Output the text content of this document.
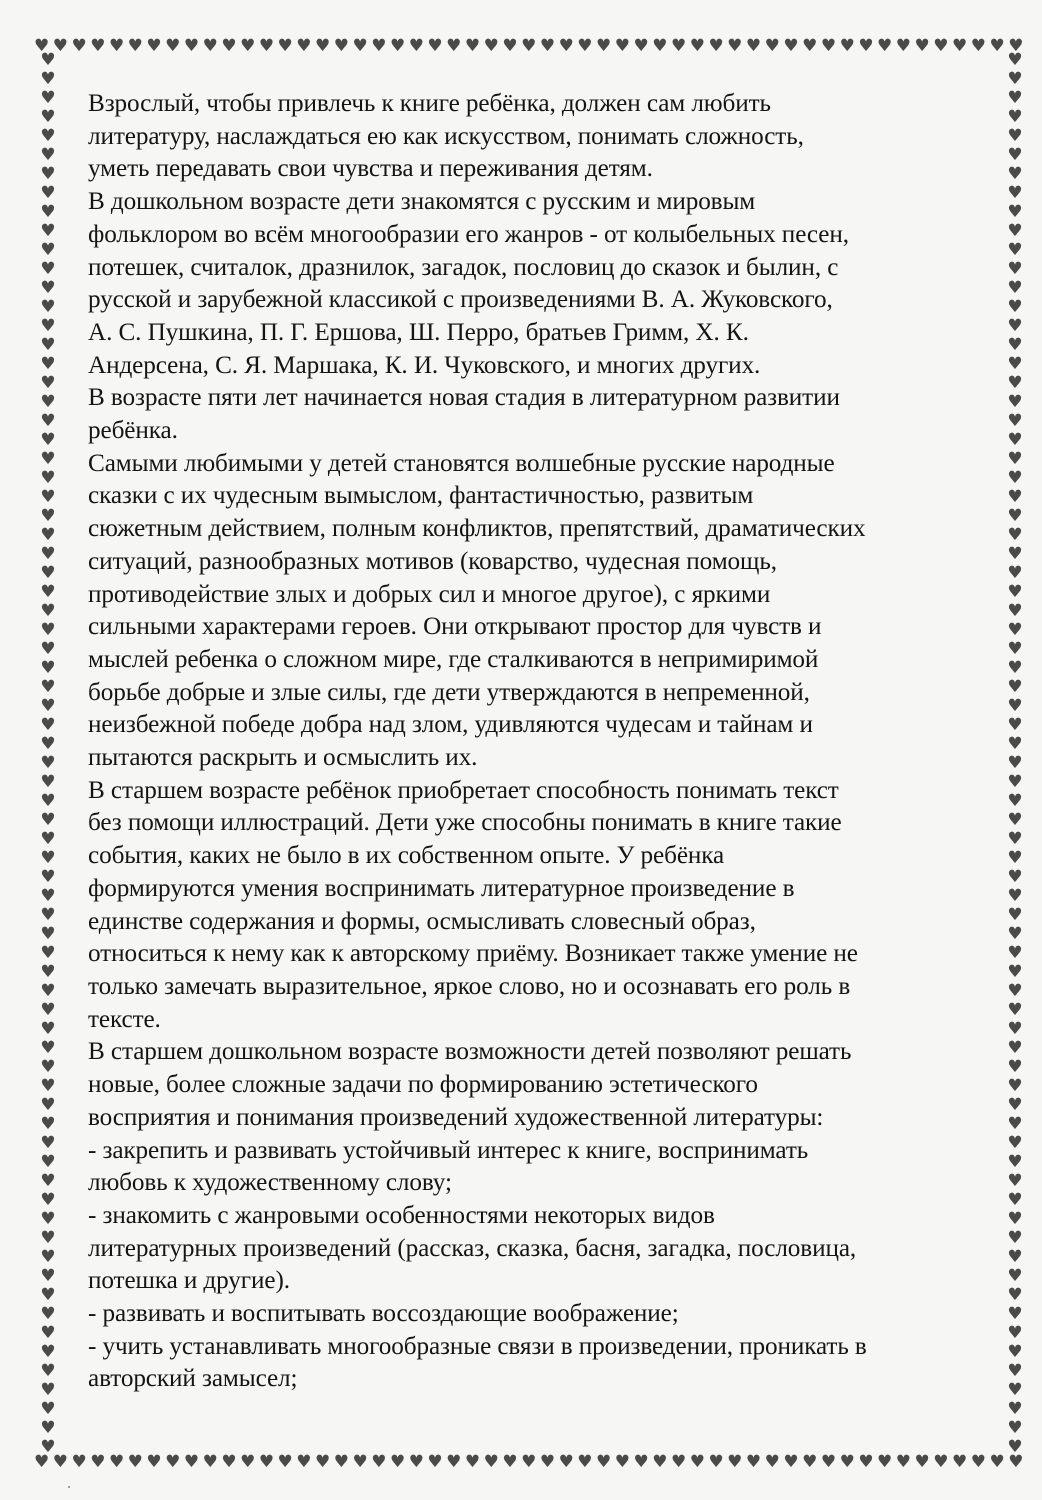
♥ ♥ ♥ ♥ ♥ ♥ ♥ ♥ ♥ ♥ ♥ ♥ ♥ ♥ ♥ ♥ ♥ ♥ ♥ ♥ ♥ ♥ ♥ ♥ ♥ ♥ ♥ ♥ ♥ ♥ ♥ ♥ ♥ ♥ ♥ ♥ ♥ ♥ ♥ ♥ ♥ ♥ ♥ ♥ ♥ ♥ ♥ ♥ ♥ ♥ ♥ ♥ ♥
♥ ♥ ♥ ♥ ♥ ♥ ♥ ♥ ♥ ♥ ♥ ♥ ♥ ♥ ♥ ♥ ♥ ♥ ♥ ♥ ♥ ♥ ♥ ♥ ♥ ♥ ♥ ♥ ♥ ♥ ♥ ♥ ♥ ♥ ♥ ♥ ♥ ♥ ♥ ♥ ♥ ♥ ♥ ♥ ♥ ♥ ♥ ♥ ♥ ♥ ♥ ♥ ♥
♥
♥
♥
♥
♥
♥
♥
♥
♥
♥
♥
♥
♥
♥
♥
♥
♥
♥
♥
♥
♥
♥
♥
♥
♥
♥
♥
♥
♥
♥
♥
♥
♥
♥
♥
♥
♥
♥
♥
♥
♥
♥
♥
♥
♥
♥
♥
♥
♥
♥
♥
♥
♥
♥
♥
♥
♥
♥
♥
♥
♥
♥
♥
♥
♥
♥
♥
♥
♥
♥
♥
♥
♥
♥
♥
♥
♥
♥
♥
♥
♥
♥
♥
♥
♥
♥
♥
♥
♥
♥
♥
♥
♥
♥
♥
♥
♥
♥
♥
♥
♥
♥
♥
♥
♥
♥
♥
♥
♥
♥
♥
♥
♥
♥
♥
♥
♥
♥
♥
♥
♥
♥
♥
♥
♥
♥
♥
♥
♥
♥
♥
♥
♥
♥
♥
♥
♥
♥
♥
♥
♥
♥
♥
♥
♥
♥
♥
♥
Взрослый, чтобы привлечь к книге ребёнка, должен сам любить
литературу, наслаждаться ею как искусством, понимать сложность,
уметь передавать свои чувства и переживания детям.
В дошкольном возрасте дети знакомятся с русским и мировым
фольклором во всём многообразии его жанров - от колыбельных песен,
потешек, считалок, дразнилок, загадок, пословиц до сказок и былин, с
русской и зарубежной классикой с произведениями В. А. Жуковского,
А. С. Пушкина, П. Г. Ершова, Ш. Перро, братьев Гримм, Х. К.
Андерсена, С. Я. Маршака, К. И. Чуковского, и многих других.
В возрасте пяти лет начинается новая стадия в литературном развитии
ребёнка.
Самыми любимыми у детей становятся волшебные русские народные
сказки с их чудесным вымыслом, фантастичностью, развитым
сюжетным действием, полным конфликтов, препятствий, драматических
ситуаций, разнообразных мотивов (коварство, чудесная помощь,
противодействие злых и добрых сил и многое другое), с яркими
сильными характерами героев. Они открывают простор для чувств и
мыслей ребенка о сложном мире, где сталкиваются в непримиримой
борьбе добрые и злые силы, где дети утверждаются в непременной,
неизбежной победе добра над злом, удивляются чудесам и тайнам и
пытаются раскрыть и осмыслить их.
В старшем возрасте ребёнок приобретает способность понимать текст
без помощи иллюстраций. Дети уже способны понимать в книге такие
события, каких не было в их собственном опыте. У ребёнка
формируются умения воспринимать литературное произведение в
единстве содержания и формы, осмысливать словесный образ,
относиться к нему как к авторскому приёму. Возникает также умение не
только замечать выразительное, яркое слово, но и осознавать его роль в
тексте.
В старшем дошкольном возрасте возможности детей позволяют решать
новые, более сложные задачи по формированию эстетического
восприятия и понимания произведений художественной литературы:
- закрепить и развивать устойчивый интерес к книге, воспринимать
любовь к художественному слову;
- знакомить с жанровыми особенностями некоторых видов
литературных произведений (рассказ, сказка, басня, загадка, пословица,
потешка и другие).
- развивать и воспитывать воссоздающие воображение;
- учить устанавливать многообразные связи в произведении, проникать в
авторский замысел;
